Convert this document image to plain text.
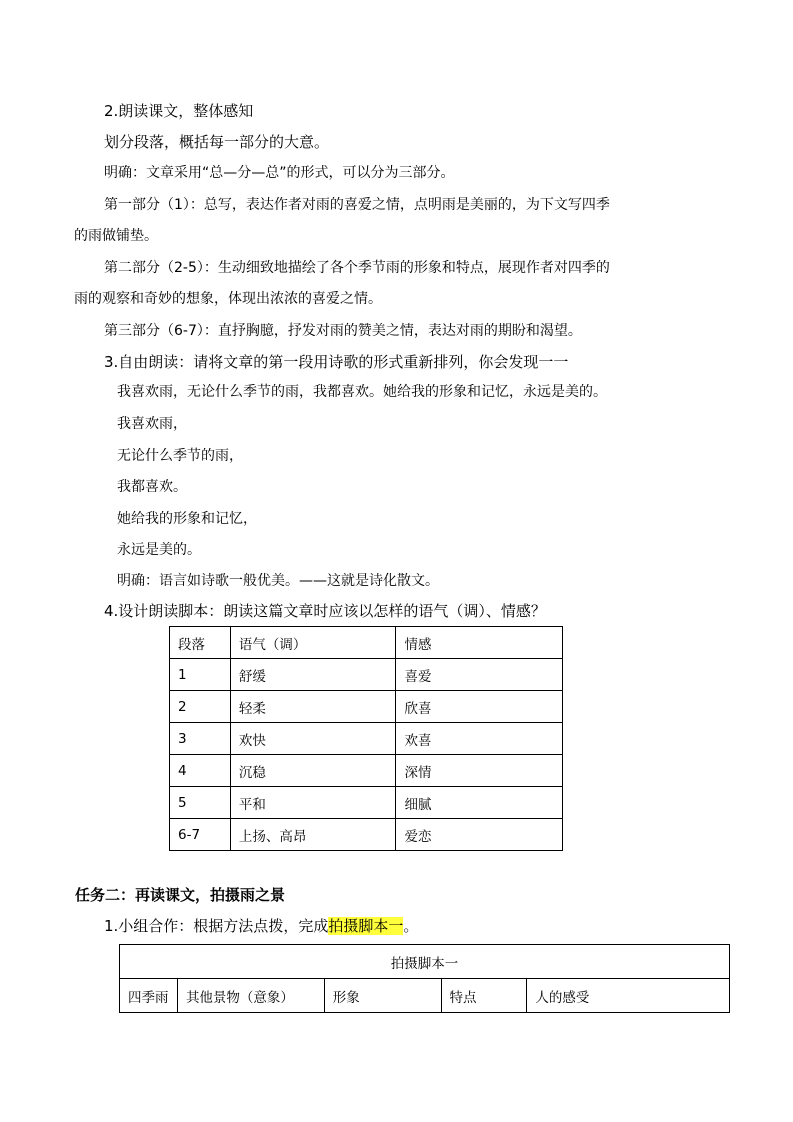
2.朗读课文，整体感知
划分段落，概括每一部分的大意。
明确：文章采用“总—分—总”的形式，可以分为三部分。
第一部分（1）：总写，表达作者对雨的喜爱之情，点明雨是美丽的，为下文写四季
的雨做铺垫。
第二部分（2-5）：生动细致地描绘了各个季节雨的形象和特点，展现作者对四季的
雨的观察和奇妙的想象，体现出浓浓的喜爱之情。
第三部分（6-7）：直抒胸臆，抒发对雨的赞美之情，表达对雨的期盼和渴望。
3.自由朗读：请将文章的第一段用诗歌的形式重新排列，你会发现一一
我喜欢雨，无论什么季节的雨，我都喜欢。她给我的形象和记忆，永远是美的。
我喜欢雨，
无论什么季节的雨，
我都喜欢。
她给我的形象和记忆，
永远是美的。
明确：语言如诗歌一般优美。——这就是诗化散文。
4.设计朗读脚本：朗读这篇文章时应该以怎样的语气（调）、情感？
段落	语气（调）	情感
1	舒缓	喜爱
2	轻柔	欣喜
3	欢快	欢喜
4	沉稳	深情
5	平和	细腻
6-7	上扬、高昂	爱恋
任务二：再读课文，拍摄雨之景
1.小组合作：根据方法点拨，完成拍摄脚本一。
拍摄脚本一
四季雨	其他景物（意象）	形象	特点	人的感受
